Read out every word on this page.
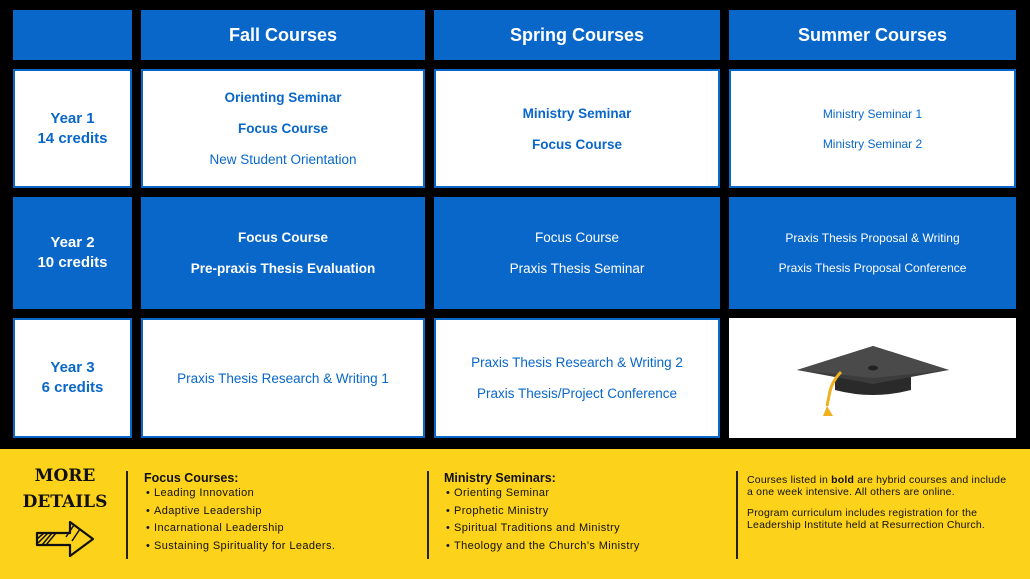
Fall Courses	Spring Courses	Summer Courses
Year 1
14 credits
Orienting Seminar
Focus Course
New Student Orientation
Ministry Seminar
Focus Course
Ministry Seminar 1
Ministry Seminar 2
Year 2
10 credits
Focus Course
Pre-praxis Thesis Evaluation
Focus Course
Praxis Thesis Seminar
Praxis Thesis Proposal & Writing
Praxis Thesis Proposal Conference
Year 3
6 credits
Praxis Thesis Research & Writing 1
Praxis Thesis Research & Writing 2
Praxis Thesis/Project Conference
MORE
DETAILS
Focus Courses:
• Leading Innovation
• Adaptive Leadership
• Incarnational Leadership
• Sustaining Spirituality for Leaders.
Ministry Seminars:
• Orienting Seminar
• Prophetic Ministry
• Spiritual Traditions and Ministry
• Theology and the Church’s Ministry

Courses listed in bold are hybrid courses and include a one week intensive. All others are online.

Program curriculum includes registration for the Leadership Institute held at Resurrection Church.
